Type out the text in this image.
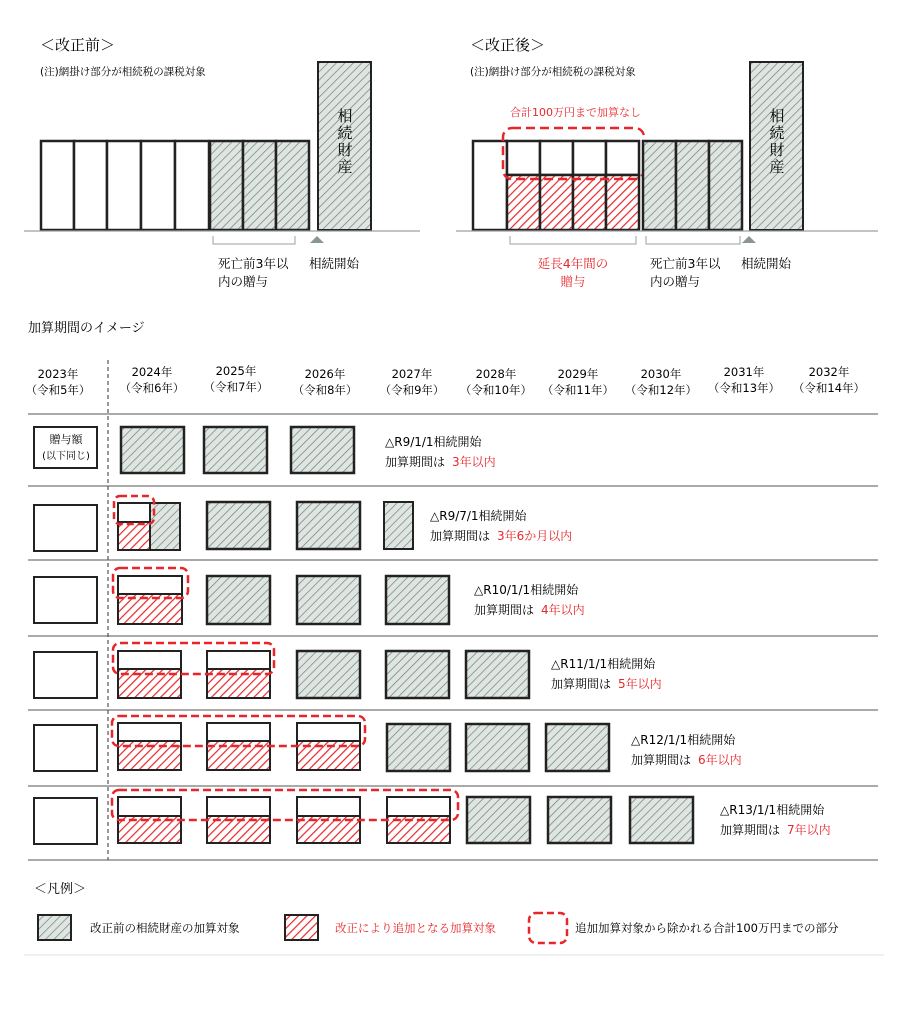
＜改正前＞
(注)網掛け部分が相続税の課税対象
相
続
財
産
死亡前3年以
内の贈与
相続開始
＜改正後＞
(注)網掛け部分が相続税の課税対象
合計100万円まで加算なし	相
続
財
産
延長4年間の
贈与
死亡前3年以
内の贈与
相続開始
加算期間のイメージ
2023年
（令和5年）
2024年
（令和6年）
2025年
（令和7年）
2026年
（令和8年）
2027年
（令和9年）
2028年
（令和10年）
2029年
（令和11年）
2030年
（令和12年）
2031年
（令和13年）
2032年
（令和14年）
贈与額
(以下同じ)
△R9/1/1相続開始
加算期間は 3年以内
△R9/7/1相続開始
加算期間は 3年6か月以内
△R10/1/1相続開始
加算期間は 4年以内
△R11/1/1相続開始
加算期間は 5年以内
△R12/1/1相続開始
加算期間は 6年以内
△R13/1/1相続開始
加算期間は 7年以内
＜凡例＞
改正前の相続財産の加算対象	改正により追加となる加算対象	追加加算対象から除かれる合計100万円までの部分
